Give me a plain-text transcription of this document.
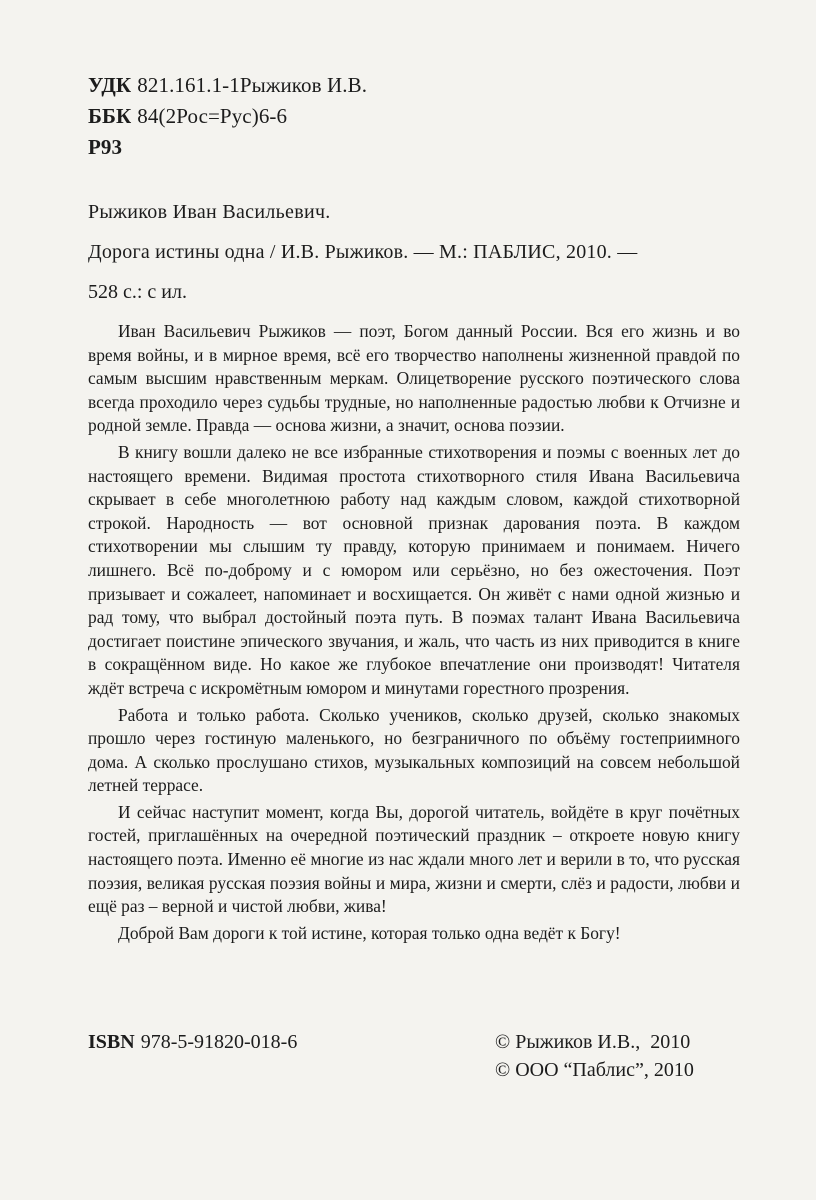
УДК 821.161.1-1Рыжиков И.В.
ББК 84(2Рос=Рус)6-6
Р93

Рыжиков Иван Васильевич.

Дорога истины одна / И.В. Рыжиков. — М.: ПАБЛИС, 2010. —

528 с.: с ил.

Иван Васильевич Рыжиков — поэт, Богом данный России. Вся его жизнь и во время войны, и в мирное время, всё его творчество наполнены жизненной правдой по самым высшим нравственным меркам. Олицетворение русского поэтического слова всегда проходило через судьбы трудные, но наполненные радостью любви к Отчизне и родной земле. Правда — основа жизни, а значит, основа поэзии.

В книгу вошли далеко не все избранные стихотворения и поэмы с военных лет до настоящего времени. Видимая простота стихотворного стиля Ивана Васильевича скрывает в себе многолетнюю работу над каждым словом, каждой стихотворной строкой. Народность — вот основной признак дарования поэта. В каждом стихотворении мы слышим ту правду, которую принимаем и понимаем. Ничего лишнего. Всё по-доброму и с юмором или серьёзно, но без ожесточения. Поэт призывает и сожалеет, напоминает и восхищается. Он живёт с нами одной жизнью и рад тому, что выбрал достойный поэта путь. В поэмах талант Ивана Васильевича достигает поистине эпического звучания, и жаль, что часть из них приводится в книге в сокращённом виде. Но какое же глубокое впечатление они производят! Читателя ждёт встреча с искромётным юмором и минутами горестного прозрения.

Работа и только работа. Сколько учеников, сколько друзей, сколько знакомых прошло через гостиную маленького, но безграничного по объёму гостеприимного дома. А сколько прослушано стихов, музыкальных композиций на совсем небольшой летней террасе.

И сейчас наступит момент, когда Вы, дорогой читатель, войдёте в круг почётных гостей, приглашённых на очередной поэтический праздник – откроете новую книгу настоящего поэта. Именно её многие из нас ждали много лет и верили в то, что русская поэзия, великая русская поэзия войны и мира, жизни и смерти, слёз и радости, любви и ещё раз – верной и чистой любви, жива!

Доброй Вам дороги к той истине, которая только одна ведёт к Богу!

ISBN 978-5-91820-018-6	© Рыжиков И.В.,  2010
© ООО “Паблис”, 2010
